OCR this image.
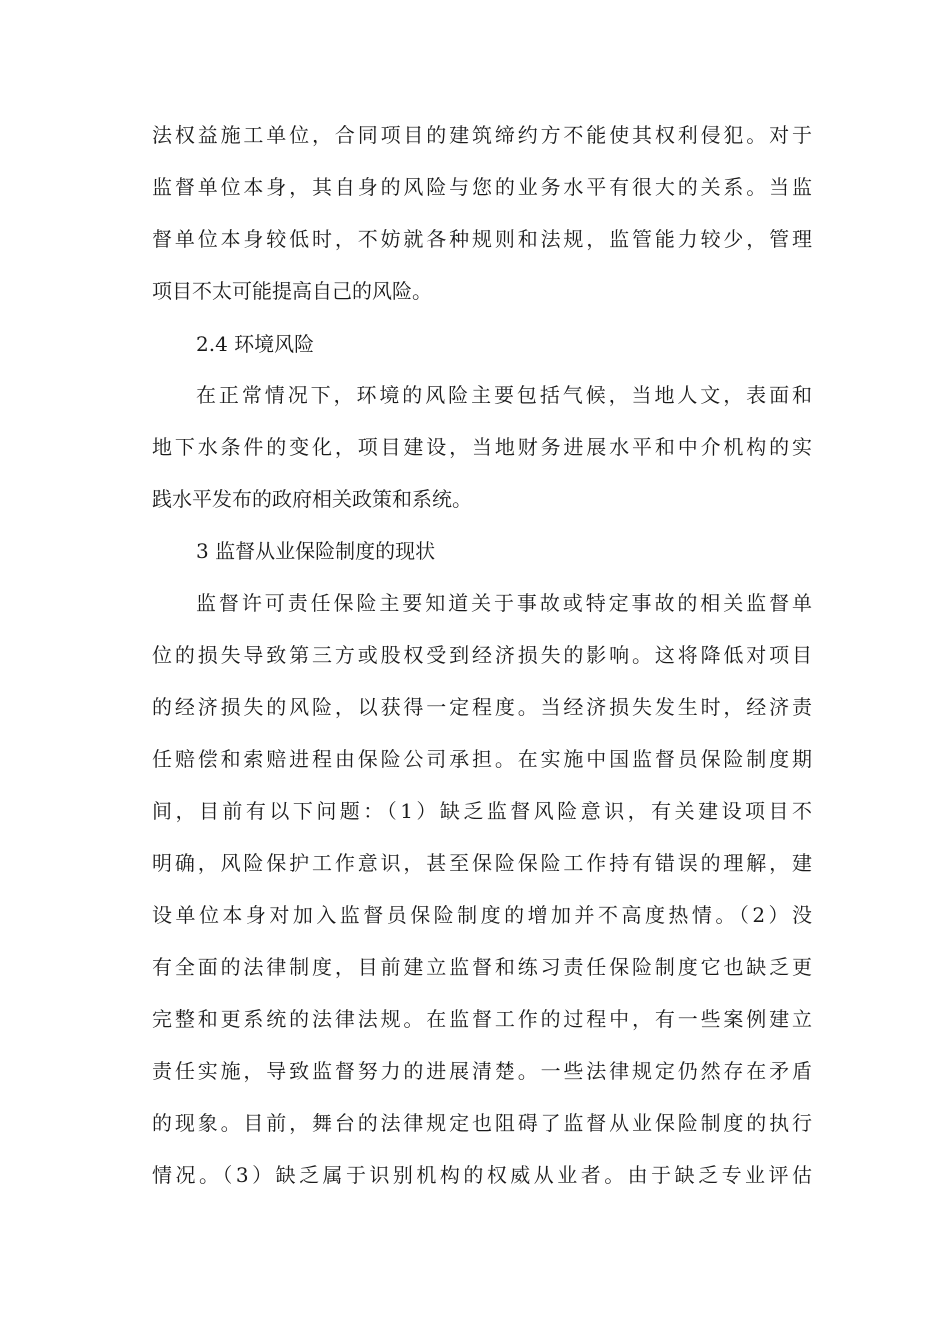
法权益施工单位，合同项目的建筑缔约方不能使其权利侵犯。对于
监督单位本身，其自身的风险与您的业务水平有很大的关系。当监
督单位本身较低时，不妨就各种规则和法规，监管能力较少，管理
项目不太可能提高自己的风险。
2.4 环境风险
在正常情况下，环境的风险主要包括气候，当地人文，表面和
地下水条件的变化，项目建设，当地财务进展水平和中介机构的实
践水平发布的政府相关政策和系统。
3 监督从业保险制度的现状
监督许可责任保险主要知道关于事故或特定事故的相关监督单
位的损失导致第三方或股权受到经济损失的影响。这将降低对项目
的经济损失的风险，以获得一定程度。当经济损失发生时，经济责
任赔偿和索赔进程由保险公司承担。在实施中国监督员保险制度期
间，目前有以下问题：（1）缺乏监督风险意识，有关建设项目不
明确，风险保护工作意识，甚至保险保险工作持有错误的理解，建
设单位本身对加入监督员保险制度的增加并不高度热情。（2）没
有全面的法律制度，目前建立监督和练习责任保险制度它也缺乏更
完整和更系统的法律法规。在监督工作的过程中，有一些案例建立
责任实施，导致监督努力的进展清楚。一些法律规定仍然存在矛盾
的现象。目前，舞台的法律规定也阻碍了监督从业保险制度的执行
情况。（3）缺乏属于识别机构的权威从业者。由于缺乏专业评估
